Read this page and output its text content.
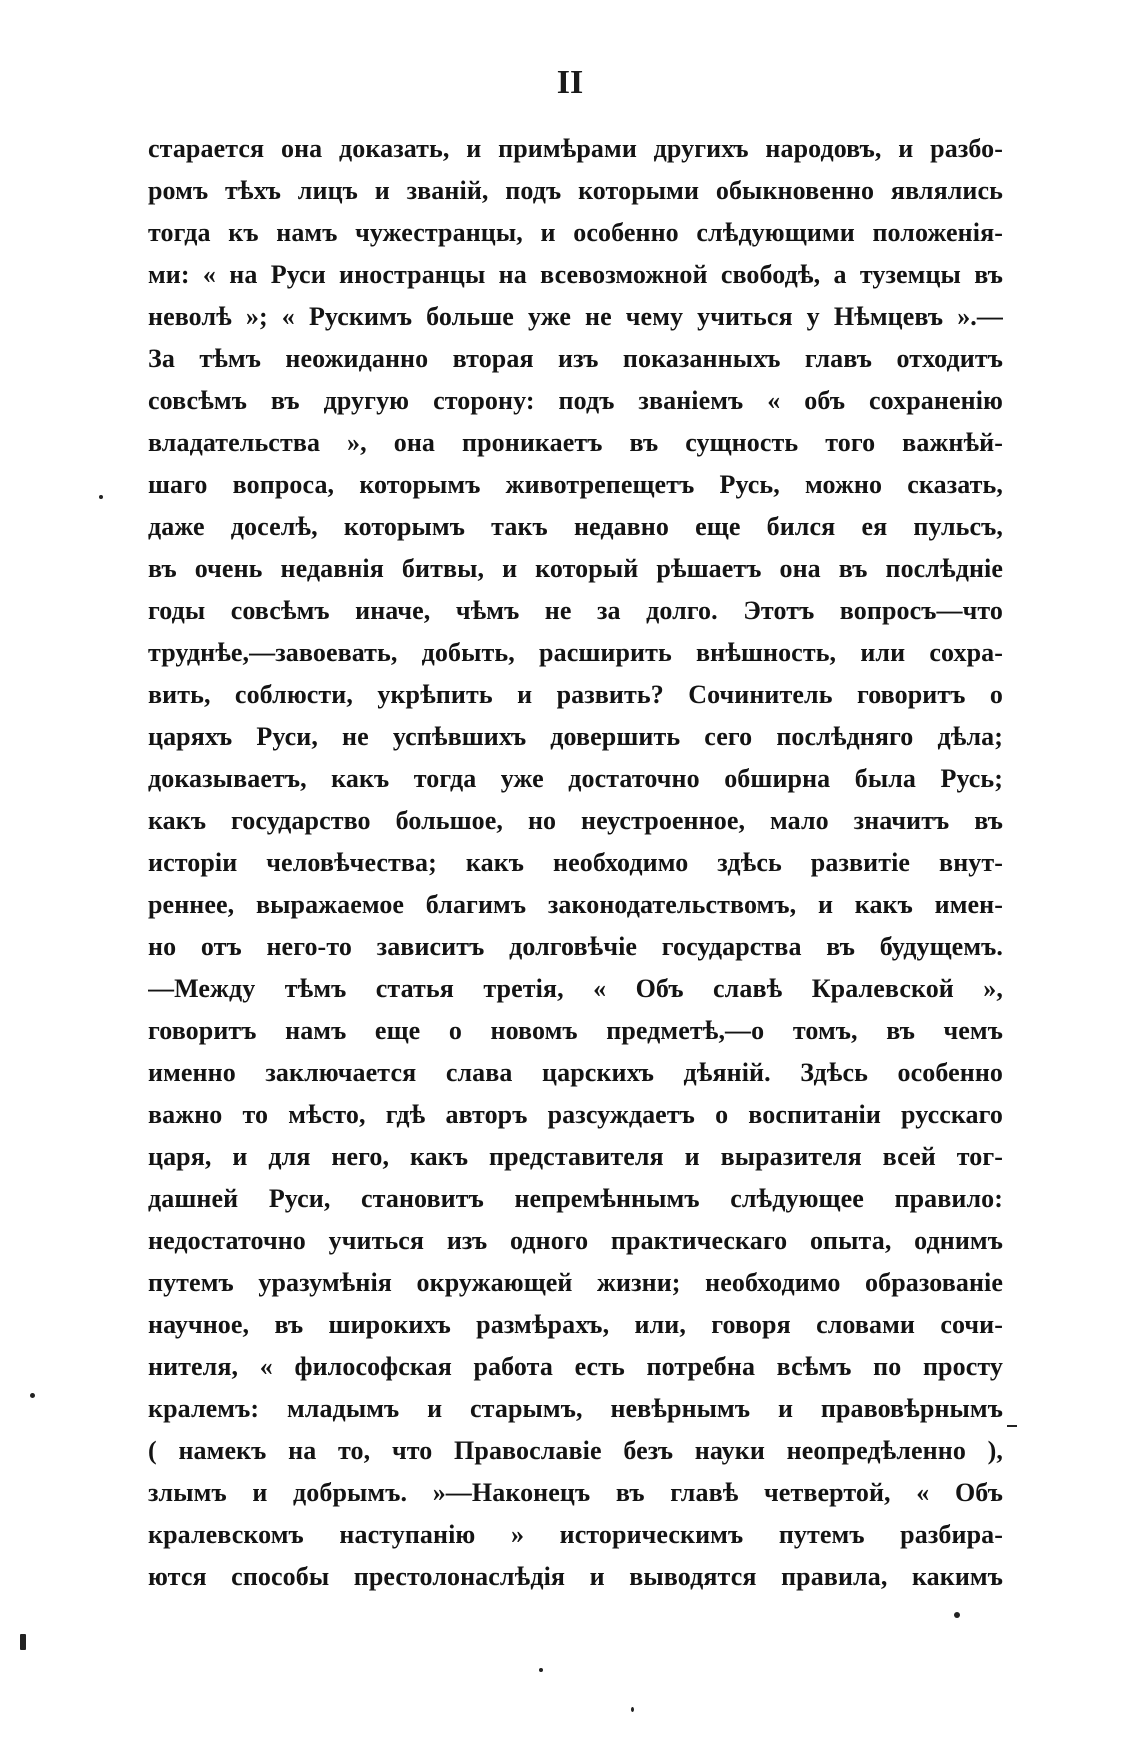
II
старается она доказать, и примѣрами другихъ народовъ, и разбо-
ромъ тѣхъ лицъ и званій, подъ которыми обыкновенно являлись
тогда къ намъ чужестранцы, и особенно слѣдующими положенія-
ми: « на Руси иностранцы на всевозможной свободѣ, а туземцы въ
неволѣ »; « Рускимъ больше уже не чему учиться у Нѣмцевъ ».—
За тѣмъ неожиданно вторая изъ показанныхъ главъ отходитъ
совсѣмъ въ другую сторону: подъ званіемъ « объ сохраненію
владательства », она проникаетъ въ сущность того важнѣй-
шаго вопроса, которымъ животрепещетъ Русь, можно сказать,
даже доселѣ, которымъ такъ недавно еще бился ея пульсъ,
въ очень недавнія битвы, и который рѣшаетъ она въ послѣдніе
годы совсѣмъ иначе, чѣмъ не за долго. Этотъ вопросъ—что
труднѣе,—завоевать, добыть, расширить внѣшность, или сохра-
вить, соблюсти, укрѣпить и развить? Сочинитель говоритъ о
царяхъ Руси, не успѣвшихъ довершить сего послѣдняго дѣла;
доказываетъ, какъ тогда уже достаточно обширна была Русь;
какъ государство большое, но неустроенное, мало значитъ въ
исторіи человѣчества; какъ необходимо здѣсь развитіе внут-
реннее, выражаемое благимъ законодательствомъ, и какъ имен-
но отъ него-то зависитъ долговѣчіе государства въ будущемъ.
—Между тѣмъ статья третія, « Объ славѣ Кралевской »,
говоритъ намъ еще о новомъ предметѣ,—о томъ, въ чемъ
именно заключается слава царскихъ дѣяній. Здѣсь особенно
важно то мѣсто, гдѣ авторъ разсуждаетъ о воспитаніи русскаго
царя, и для него, какъ представителя и выразителя всей тог-
дашней Руси, становитъ непремѣннымъ слѣдующее правило:
недостаточно учиться изъ одного практическаго опыта, однимъ
путемъ уразумѣнія окружающей жизни; необходимо образованіе
научное, въ широкихъ размѣрахъ, или, говоря словами сочи-
нителя, « философская работа есть потребна всѣмъ по просту
кралемъ: младымъ и старымъ, невѣрнымъ и правовѣрнымъ
( намекъ на то, что Православіе безъ науки неопредѣленно ),
злымъ и добрымъ. »—Наконецъ въ главѣ четвертой, « Объ
кралевскомъ наступанію » историческимъ путемъ разбира-
ются способы престолонаслѣдія и выводятся правила, какимъ
